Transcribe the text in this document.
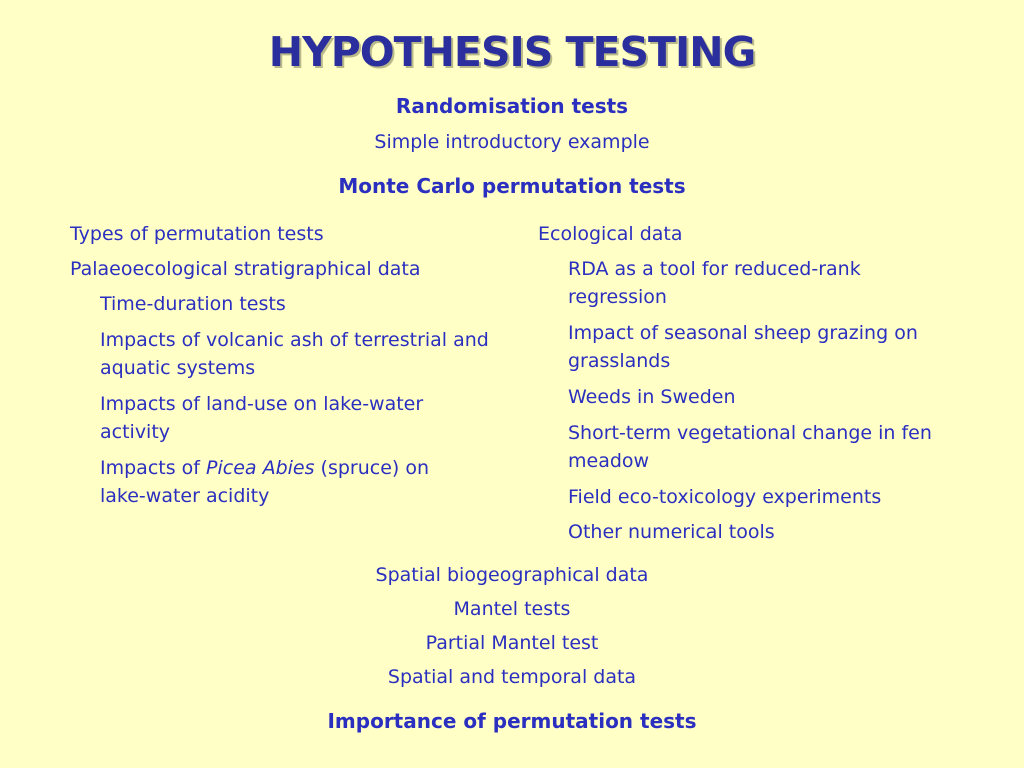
HYPOTHESIS TESTING
Randomisation tests
Simple introductory example
Monte Carlo permutation tests
Types of permutation tests
Palaeoecological stratigraphical data
Time-duration tests
Impacts of volcanic ash of terrestrial and aquatic systems
Impacts of land-use on lake-water activity
Impacts of Picea Abies (spruce) on lake-water acidity
Ecological data
RDA as a tool for reduced-rank regression
Impact of seasonal sheep grazing on grasslands
Weeds in Sweden
Short-term vegetational change in fen meadow
Field eco-toxicology experiments
Other numerical tools
Spatial biogeographical data
Mantel tests
Partial Mantel test
Spatial and temporal data
Importance of permutation tests
